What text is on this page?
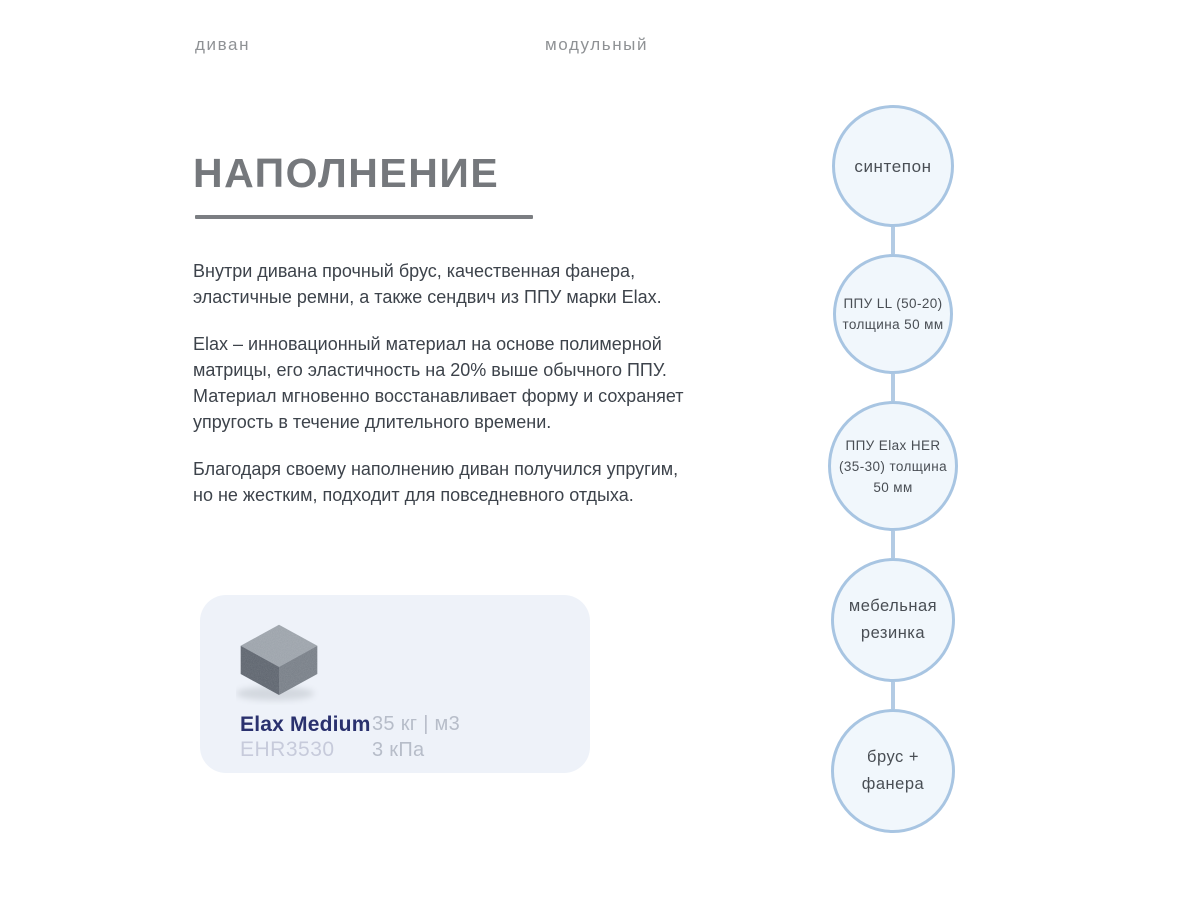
диван	модульный
НАПОЛНЕНИЕ

Внутри дивана прочный брус, качественная фанера, эластичные ремни, а также сендвич из ППУ марки Elax.

Elax – инновационный материал на основе полимерной матрицы, его эластичность на 20% выше обычного ППУ. Материал мгновенно восстанавливает форму и сохраняет упругость в течение длительного времени.

Благодаря своему наполнению диван получился упругим, но не жестким, подходит для повседневного отдыха.

Elax Medium
EHR3530
35 кг | м3
3 кПа
синтепон
ППУ LL (50-20)
толщина 50 мм
ППУ Elax HER
(35-30) толщина
50 мм
мебельная
резинка
брус +
фанера
